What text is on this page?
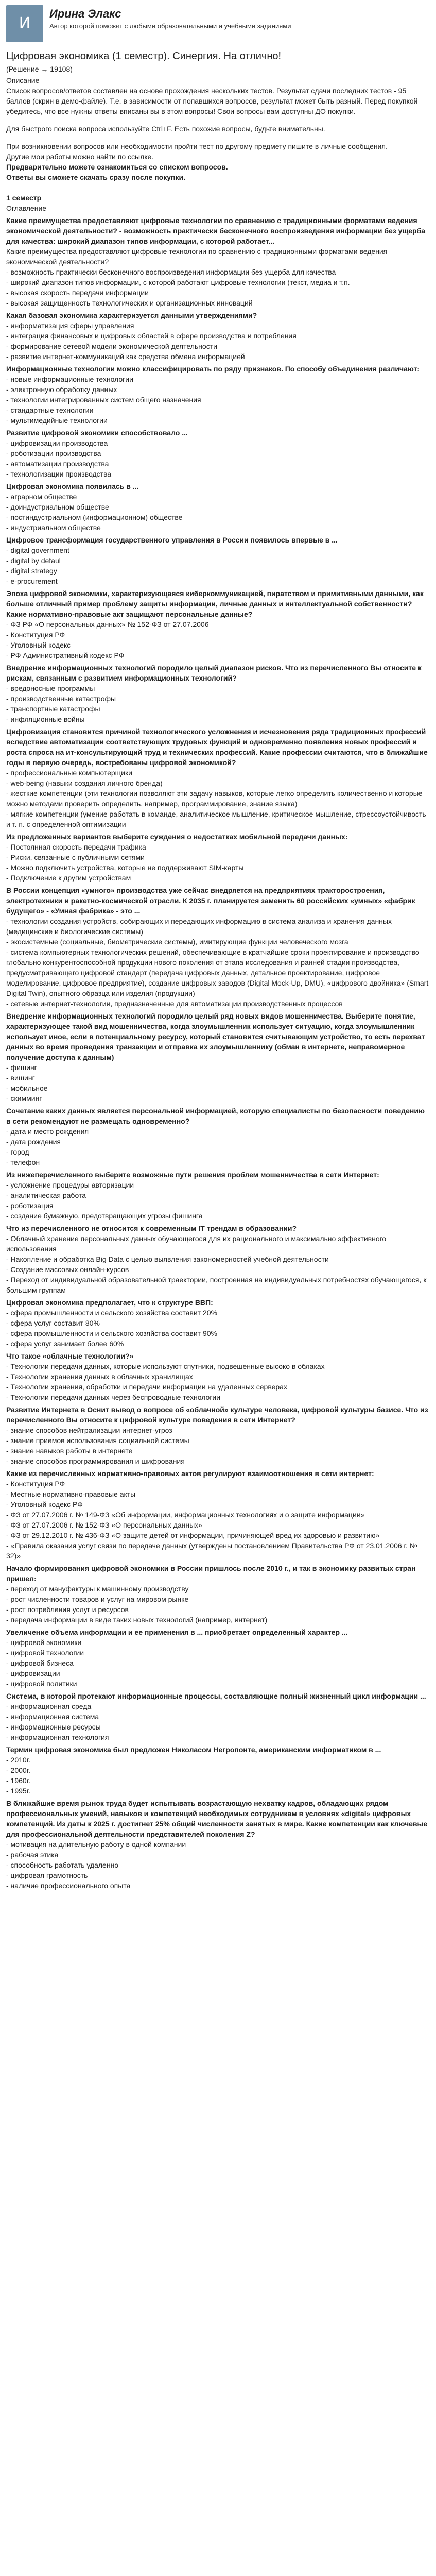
И
Ирина Элакс
Автор которой поможет с любыми образовательными и учебными заданиями
Цифровая экономика (1 семестр). Синергия. На отлично!
(Решение → 19108)
Описание
Список вопросов/ответов составлен на основе прохождения нескольких тестов. Результат сдачи последних тестов - 95 баллов (скрин в демо-файле). Т.е. в зависимости от попавшихся вопросов, результат может быть разный. Перед покупкой убедитесь, что все нужны ответы вписаны вы в этом вопросы! Свои вопросы вам доступны ДО покупки.
Для быстрого поиска вопроса используйте Ctrl+F. Есть похожие вопросы, будьте внимательны.
При возникновении вопросов или необходимости пройти тест по другому предмету пишите в личные сообщения.
Другие мои работы можно найти по ссылке.
Предварительно можете ознакомиться со списком вопросов.
Ответы вы сможете скачать сразу после покупки.
1 семестр
Оглавление
Какие преимущества предоставляют цифровые технологии по сравнению с традиционными форматами ведения экономической деятельности? - возможность практически бесконечного воспроизведения информации без ущерба для качества: широкий диапазон типов информации, с которой работает...
Какие преимущества предоставляют цифровые технологии по сравнению с традиционными форматами ведения экономической деятельности?
- возможность практически бесконечного воспроизведения информации без ущерба для качества
- широкий диапазон типов информации, с которой работают цифровые технологии (текст, медиа и т.п.
- высокая скорость передачи информации
- высокая защищенность технологических и организационных инноваций
Какая базовая экономика характеризуется данными утверждениями?
- информатизация сферы управления
- интеграция финансовых и цифровых областей в сфере производства и потребления
- формирование сетевой модели экономической деятельности
- развитие интернет-коммуникаций как средства обмена информацией
Информационные технологии можно классифицировать по ряду признаков. По способу объединения различают:
- новые информационные технологии
- электронную обработку данных
- технологии интегрированных систем общего назначения
- стандартные технологии
- мультимедийные технологии
Развитие цифровой экономики способствовало ...
- цифровизации производства
- роботизации производства
- автоматизации производства
- технологизации производства
Цифровая экономика появилась в ...
- аграрном обществе
- доиндустриальном обществе
- постиндустриальном (информационном) обществе
- индустриальном обществе
Цифровое трансформация государственного управления в России появилось впервые в ...
- digital government
- digital by defaul
- digital strategy
- e-procurement
Эпоха цифровой экономики, характеризующаяся киберкоммуникацией, пиратством и примитивными данными, как больше отличный пример проблему защиты информации, личные данных и интеллектуальной собственности? Какие нормативно-правовые акт защищают персональные данные?
- ФЗ РФ «О персональных данных» № 152-ФЗ от 27.07.2006
- Конституция РФ
- Уголовный кодекс
- РФ Административный кодекс РФ
Внедрение информационных технологий породило целый диапазон рисков. Что из перечисленного Вы относите к рискам, связанным с развитием информационных технологий?
- вредоносные программы
- производственные катастрофы
- транспортные катастрофы
- инфляционные войны
Цифровизация становится причиной технологического усложнения и исчезновения ряда традиционных профессий вследствие автоматизации соответствующих трудовых функций и одновременно появления новых профессий и роста спроса на ит-консультирующий труд и технических профессий. Какие профессии считаются, что в ближайшие годы в первую очередь, востребованы цифровой экономикой?
- профессиональные компьютерщики
- web-being (навыки создания личного бренда)
- жесткие компетенции (эти технологии позволяют эти задачу навыков, которые легко определить количественно и которые можно методами проверить определить, например, программирование, знание языка)
- мягкие компетенции (умение работать в команде, аналитическое мышление, критическое мышление, стрессоустойчивость и т. п. с определенной оптимизации
Из предложенных вариантов выберите суждения о недостатках мобильной передачи данных:
- Постоянная скорость передачи трафика
- Риски, связанные с публичными сетями
- Можно подключить устройства, которые не поддерживают SIM-карты
- Подключение к другим устройствам
В России концепция «умного» производства уже сейчас внедряется на предприятиях тракторостроения, электротехники и ракетно-космической отрасли. К 2035 г. планируется заменить 60 российских «умных» «фабрик будущего» - «Умная фабрика» - это ...
- технологии создания устройств, собирающих и передающих информацию в система анализа и хранения данных (медицинские и биологические системы)
- экосистемные (социальные, биометрические системы), имитирующие функции человеческого мозга
- система компьютерных технологических решений, обеспечивающие в кратчайшие сроки проектирование и производство глобально конкурентоспособной продукции нового поколения от этапа исследования и ранней стадии производства, предусматривающего цифровой стандарт (передача цифровых данных, детальное проектирование, цифровое моделирование, цифровое предприятие), создание цифровых заводов (Digital Mock-Up, DMU), «цифрового двойника» (Smart Digital Twin), опытного образца или изделия (продукции)
- сетевые интернет-технологии, предназначенные для автоматизации производственных процессов
Внедрение информационных технологий породило целый ряд новых видов мошенничества. Выберите понятие, характеризующее такой вид мошенничества, когда злоумышленник использует ситуацию, когда злоумышленник использует иное, если в потенциальному ресурсу, который становится считывающим устройство, то есть перехват данных во время проведения транзакции и отправка их злоумышленнику (обман в интернете, неправомерное получение доступа к данным)
- фишинг
- вишинг
- мобильное
- скимминг
Сочетание каких данных является персональной информацией, которую специалисты по безопасности поведению в сети рекомендуют не размещать одновременно?
- дата и место рождения
- дата рождения
- город
- телефон
Из нижеперечисленного выберите возможные пути решения проблем мошенничества в сети Интернет:
- усложнение процедуры авторизации
- аналитическая работа
- роботизация
- создание бумажную, предотвращающих угрозы фишинга
Что из перечисленного не относится к современным IT трендам в образовании?
- Облачный хранение персональных данных обучающегося для их рационального и максимально эффективного использования
- Накопление и обработка Big Data с целью выявления закономерностей учебной деятельности
- Создание массовых онлайн-курсов
- Переход от индивидуальной образовательной траектории, построенная на индивидуальных потребностях обучающегося, к большим группам
Цифровая экономика предполагает, что к структуре ВВП:
- сфера промышленности и сельского хозяйства составит 20%
- сфера услуг составит 80%
- сфера промышленности и сельского хозяйства составит 90%
- сфера услуг занимает более 60%
Что такое «облачные технологии?»
- Технологии передачи данных, которые используют спутники, подвешенные высоко в облаках
- Технологии хранения данных в облачных хранилищах
- Технологии хранения, обработки и передачи информации на удаленных серверах
- Технологии передачи данных через беспроводные технологии
Развитие Интернета в Оснит вывод о вопросе об «облачной» культуре человека, цифровой культуры базисе. Что из перечисленного Вы относите к цифровой культуре поведения в сети Интернет?
- знание способов нейтрализации интернет-угроз
- знание приемов использования социальной системы
- знание навыков работы в интернете
- знание способов программирования и шифрования
Какие из перечисленных нормативно-правовых актов регулируют взаимоотношения в сети интернет:
- Конституция РФ
- Местные нормативно-правовые акты
- Уголовный кодекс РФ
- ФЗ от 27.07.2006 г. № 149-ФЗ «Об информации, информационных технологиях и о защите информации»
- ФЗ от 27.07.2006 г. № 152-ФЗ «О персональных данных»
- ФЗ от 29.12.2010 г. № 436-ФЗ «О защите детей от информации, причиняющей вред их здоровью и развитию»
- «Правила оказания услуг связи по передаче данных (утверждены постановлением Правительства РФ от 23.01.2006 г. № 32)»
Начало формирования цифровой экономики в России пришлось после 2010 г., и так в экономику развитых стран пришел:
- переход от мануфактуры к машинному производству
- рост численности товаров и услуг на мировом рынке
- рост потребления услуг и ресурсов
- передача информации в виде таких новых технологий (например, интернет)
Увеличение объема информации и ее применения в ... приобретает определенный характер ...
- цифровой экономики
- цифровой технологии
- цифровой бизнеса
- цифровизации
- цифровой политики
Система, в которой протекают информационные процессы, составляющие полный жизненный цикл информации ...
- информационная среда
- информационная система
- информационные ресурсы
- информационная технология
Термин цифровая экономика был предложен Николасом Негропонте, американским информатиком в ...
- 2010г.
- 2000г.
- 1960г.
- 1995г.
В ближайшие время рынок труда будет испытывать возрастающую нехватку кадров, обладающих рядом профессиональных умений, навыков и компетенций необходимых сотрудникам в условиях «digital» цифровых компетенций. Из даты к 2025 г. достигнет 25% общий численности занятых в мире. Какие компетенции как ключевые для профессиональной деятельности представителей поколения Z?
- мотивация на длительную работу в одной компании
- рабочая этика
- способность работать удаленно
- цифровая грамотность
- наличие профессионального опыта
